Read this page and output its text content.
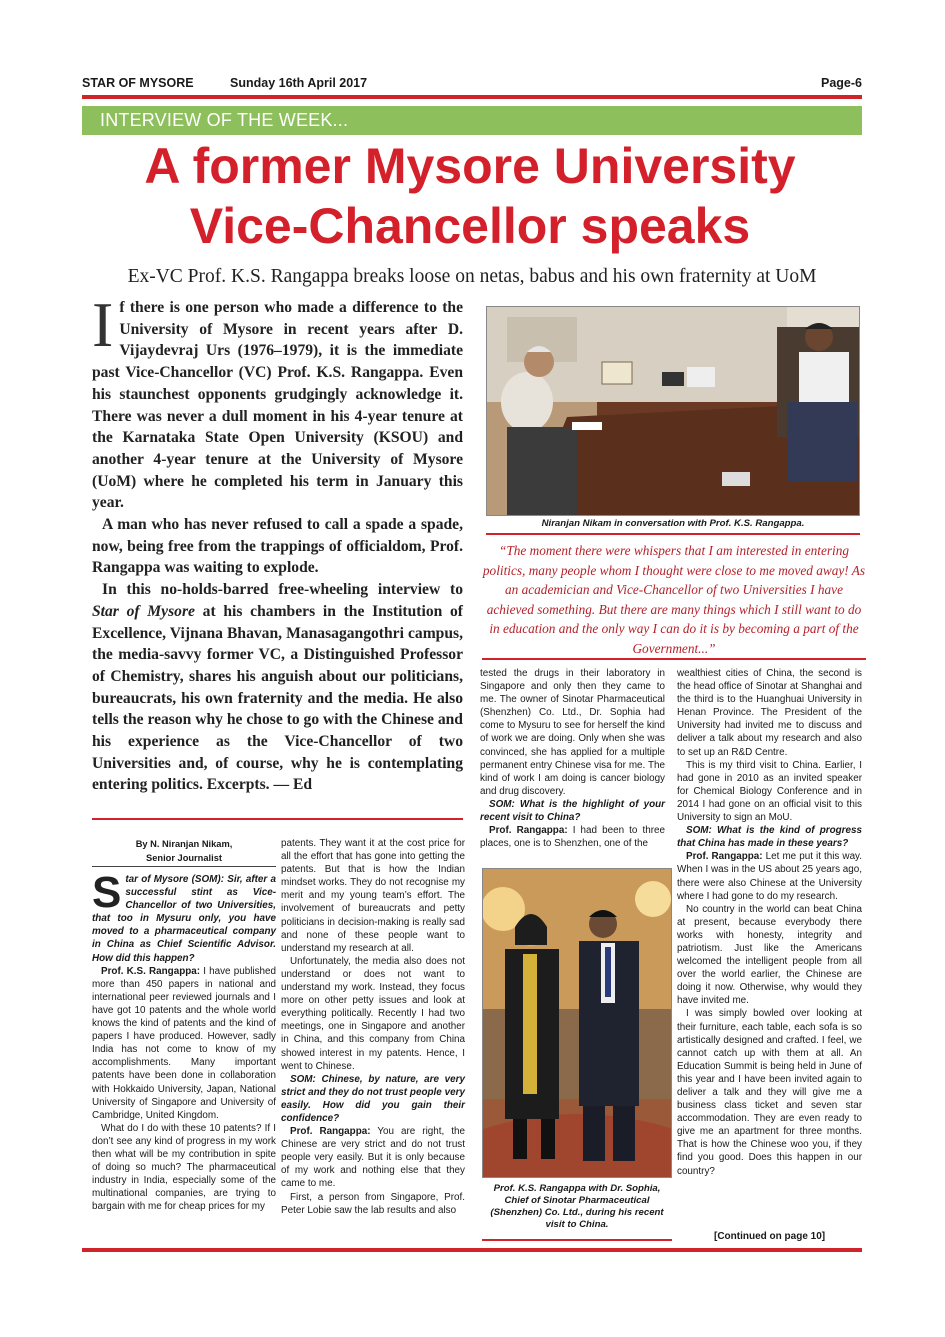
STAR OF MYSORE	Sunday 16th April 2017	Page-6
INTERVIEW OF THE WEEK...
A former Mysore University
Vice-Chancellor speaks
Ex-VC Prof. K.S. Rangappa breaks loose on netas, babus and his own fraternity at UoM

If there is one person who made a difference to the University of Mysore in recent years after D. Vijaydevraj Urs (1976–1979), it is the immediate past Vice-Chancellor (VC) Prof. K.S. Rangappa. Even his staunchest opponents grudgingly acknowledge it. There was never a dull moment in his 4-year tenure at the Karnataka State Open University (KSOU) and another 4-year tenure at the University of Mysore (UoM) where he completed his term in January this year.

A man who has never refused to call a spade a spade, now, being free from the trappings of officialdom, Prof. Rangappa was waiting to explode.

In this no-holds-barred free-wheeling interview to Star of Mysore at his chambers in the Institution of Excellence, Vijnana Bhavan, Manasagangothri campus, the media-savvy former VC, a Distinguished Professor of Chemistry, shares his anguish about our politicians, bureaucrats, his own fraternity and the media. He also tells the reason why he chose to go with the Chinese and his experience as the Vice-Chancellor of two Universities and, of course, why he is contemplating entering politics. Excerpts. — Ed

Niranjan Nikam in conversation with Prof. K.S. Rangappa.
“The moment there were whispers that I am interested in entering politics, many people whom I thought were close to me moved away! As an academician and Vice-Chancellor of two Universities I have achieved something. But there are many things which I still want to do in education and the only way I can do it is by becoming a part of the Government...”
By N. Niranjan Nikam,
Senior Journalist

Star of Mysore (SOM): Sir, after a successful stint as Vice-Chancellor of two Universities, that too in Mysuru only, you have moved to a pharmaceutical company in China as Chief Scientific Advisor. How did this happen?

Prof. K.S. Rangappa: I have published more than 450 papers in national and international peer reviewed journals and I have got 10 patents and the whole world knows the kind of patents and the kind of papers I have produced. However, sadly India has not come to know of my accomplishments. Many important patents have been done in collaboration with Hokkaido University, Japan, National University of Singapore and University of Cambridge, United Kingdom.

What do I do with these 10 patents? If I don’t see any kind of progress in my work then what will be my contribution in spite of doing so much? The pharmaceutical industry in India, especially some of the multinational companies, are trying to bargain with me for cheap prices for my

patents. They want it at the cost price for all the effort that has gone into getting the patents. But that is how the Indian mindset works. They do not recognise my merit and my young team’s effort. The involvement of bureaucrats and petty politicians in decision-making is really sad and none of these people want to understand my research at all.

Unfortunately, the media also does not understand or does not want to understand my work. Instead, they focus more on other petty issues and look at everything politically. Recently I had two meetings, one in Singapore and another in China, and this company from China showed interest in my patents. Hence, I went to Chinese.

SOM: Chinese, by nature, are very strict and they do not trust people very easily. How did you gain their confidence?

Prof. Rangappa: You are right, the Chinese are very strict and do not trust people very easily. But it is only because of my work and nothing else that they came to me.

First, a person from Singapore, Prof. Peter Lobie saw the lab results and also

tested the drugs in their laboratory in Singapore and only then they came to me. The owner of Sinotar Pharmaceutical (Shenzhen) Co. Ltd., Dr. Sophia had come to Mysuru to see for herself the kind of work we are doing. Only when she was convinced, she has applied for a multiple permanent entry Chinese visa for me. The kind of work I am doing is cancer biology and drug discovery.

SOM: What is the highlight of your recent visit to China?

Prof. Rangappa: I had been to three places, one is to Shenzhen, one of the

Prof. K.S. Rangappa with Dr. Sophia, Chief of Sinotar Pharmaceutical (Shenzhen) Co. Ltd., during his recent visit to China.

wealthiest cities of China, the second is the head office of Sinotar at Shanghai and the third is to the Huanghuai University in Henan Province. The President of the University had invited me to discuss and deliver a talk about my research and also to set up an R&D Centre.

This is my third visit to China. Earlier, I had gone in 2010 as an invited speaker for Chemical Biology Conference and in 2014 I had gone on an official visit to this University to sign an MoU.

SOM: What is the kind of progress that China has made in these years?

Prof. Rangappa: Let me put it this way. When I was in the US about 25 years ago, there were also Chinese at the University where I had gone to do my research.

No country in the world can beat China at present, because everybody there works with honesty, integrity and patriotism. Just like the Americans welcomed the intelligent people from all over the world earlier, the Chinese are doing it now. Otherwise, why would they have invited me.

I was simply bowled over looking at their furniture, each table, each sofa is so artistically designed and crafted. I feel, we cannot catch up with them at all. An Education Summit is being held in June of this year and I have been invited again to deliver a talk and they will give me a business class ticket and seven star accommodation. They are even ready to give me an apartment for three months. That is how the Chinese woo you, if they find you good. Does this happen in our country?

[Continued on page 10]
